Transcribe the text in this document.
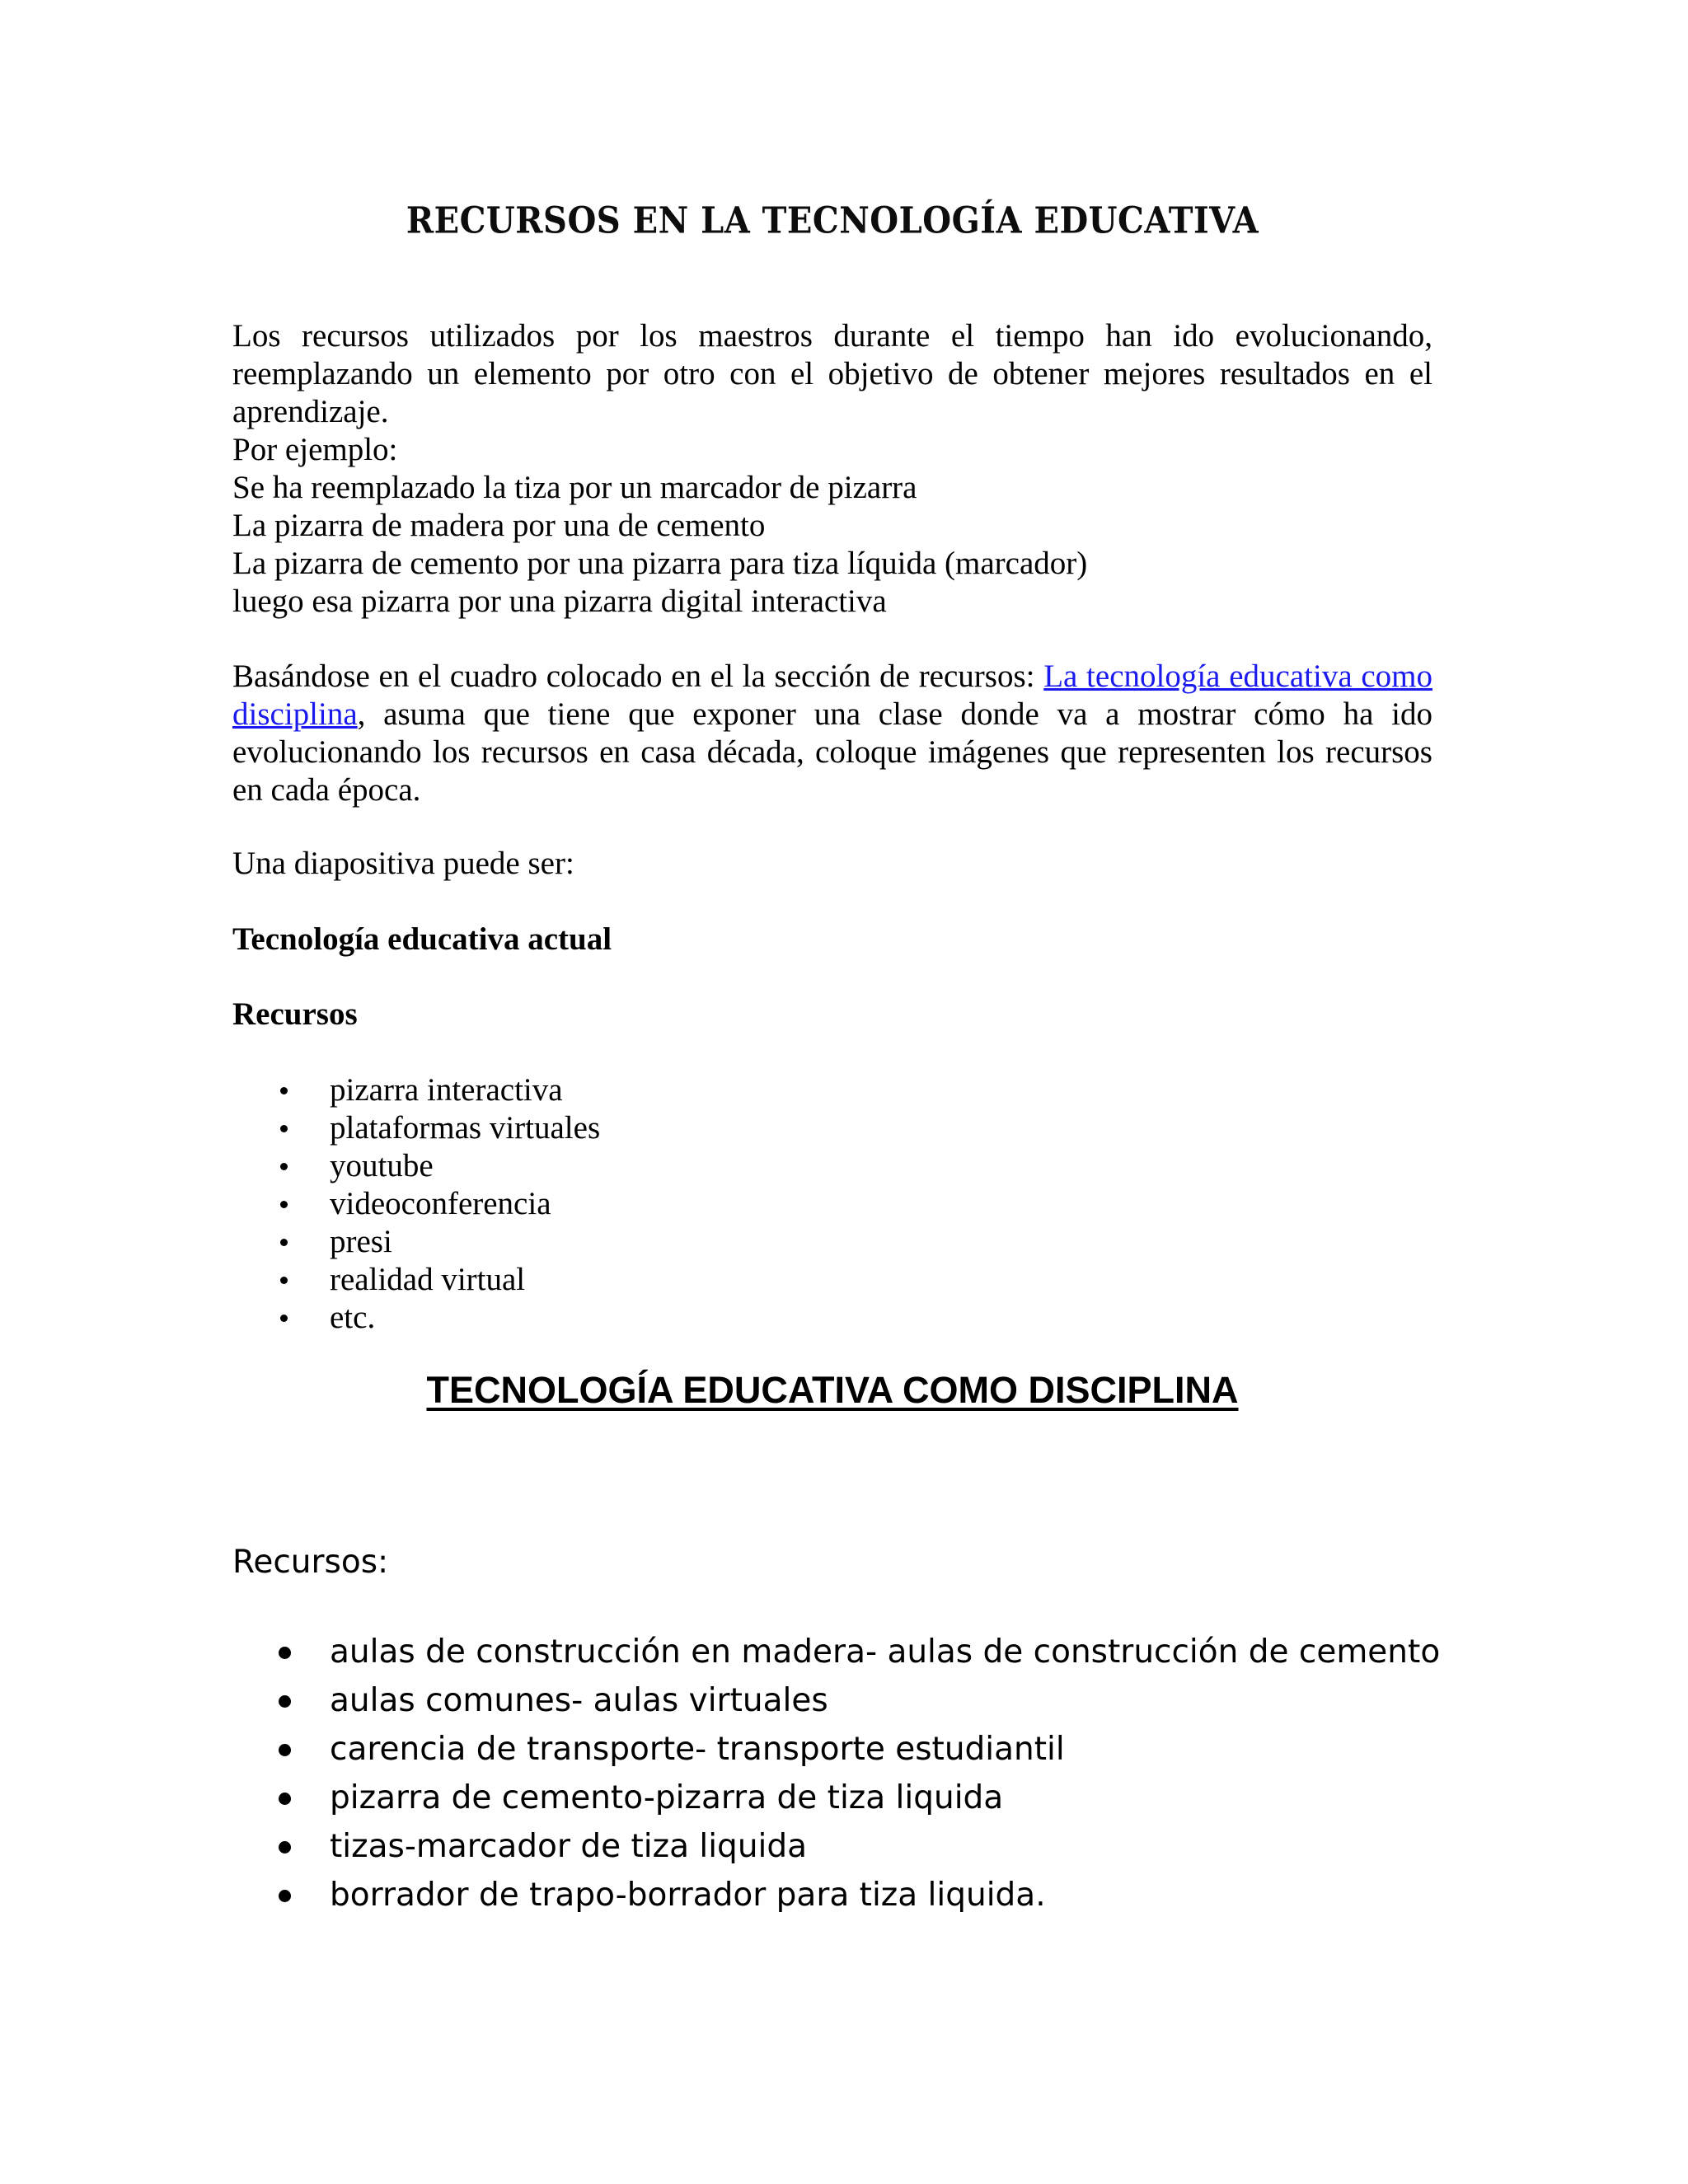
RECURSOS EN LA TECNOLOGÍA EDUCATIVA
Los recursos utilizados por los maestros durante el tiempo han ido evolucionando, reemplazando un elemento por otro con el objetivo de obtener mejores resultados en el aprendizaje.
Por ejemplo:
Se ha reemplazado la tiza por un marcador de pizarra
La pizarra de madera por una de cemento
La pizarra de cemento por una pizarra para tiza líquida (marcador)
luego esa pizarra por una pizarra digital interactiva

Basándose en el cuadro colocado en el la sección de recursos: La tecnología educativa como disciplina, asuma que tiene que exponer una clase donde va a mostrar cómo ha ido evolucionando los recursos en casa década, coloque imágenes que representen los recursos en cada época.

Una diapositiva puede ser:

Tecnología educativa actual

Recursos

pizarra interactiva
plataformas virtuales
youtube
videoconferencia
presi
realidad virtual
etc.
TECNOLOGÍA EDUCATIVA COMO DISCIPLINA
Recursos:
aulas de construcción en madera- aulas de construcción de cemento
aulas comunes- aulas virtuales
carencia de transporte- transporte estudiantil
pizarra de cemento-pizarra de tiza liquida
tizas-marcador de tiza liquida
borrador de trapo-borrador para tiza liquida.
